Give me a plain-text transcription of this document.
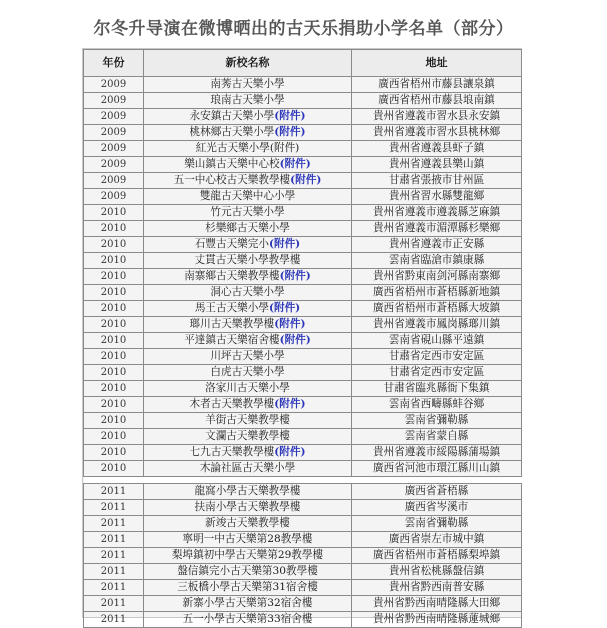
尔冬升导演在微博晒出的古天乐捐助小学名单（部分）
年份	新校名称	地址
2009	南莠古天樂小學	廣西省梧州市藤县讓泉鎮
2009	琅南古天樂小學	廣西省梧州市藤县埌南鎮
2009	永安鎮古天樂小學(附件)	貴州省遵義市習水县永安鎮
2009	桃林鄉古天樂小學(附件)	貴州省遵義市習水县桃林鄉
2009	紅光古天樂小學(附件)	貴州省遵義县虾子鎮
2009	樂山鎮古天樂中心校(附件)	貴州省遵義县樂山鎮
2009	五一中心校古天樂教學樓(附件)	甘肅省張掖市甘州區
2009	雙龍古天樂中心小學	貴州省習水縣雙龍鄉
2010	竹元古天樂小學	貴州省遵義市遵義縣芝麻鎮
2010	杉樂鄉古天樂小學	貴州省遵義市湄潭縣杉樂鄉
2010	石豐古天樂完小(附件)	貴州省遵義市正安縣
2010	丈貫古天樂小學教學樓	雲南省臨滄市鎮康縣
2010	南寨鄉古天樂教學樓(附件)	貴州省黔東南剑河縣南寨鄉
2010	洞心古天樂小學	廣西省梧州市蒼梧縣新地鎮
2010	馬王古天樂小學(附件)	廣西省梧州市蒼梧縣大坡鎮
2010	瑯川古天樂教學樓(附件)	貴州省遵義市鳳岗縣瑯川鎮
2010	平達鎮古天樂宿舍樓(附件)	雲南省硯山縣平遠鎮
2010	川坪古天樂小學	甘肅省定西市安定區
2010	白虎古天樂小學	甘肅省定西市安定區
2010	洛家川古天樂小學	甘肅省臨兆縣衙下集鎮
2010	木者古天樂教學樓(附件)	雲南省西疇縣蚌谷鄉
2010	羊街古天樂教學樓	雲南省彌勒縣
2010	文瀾古天樂教學樓	雲南省蒙自縣
2010	七九古天樂教學樓(附件)	貴州省遵義市綏陽縣蒲場鎮
2010	木論社區古天樂小學	廣西省河池市環江縣川山鎮

2011	龍窩小學古天樂教學樓	廣西省蒼梧縣
2011	扶南小學古天樂教學樓	廣西省岑溪市
2011	新竣古天樂教學樓	雲南省彌勒縣
2011	寧明一中古天樂第28教學樓	廣西省崇左市城中鎮
2011	梨埠鎮初中學古天樂第29教學樓	廣西省梧州市蒼梧縣梨埠鎮
2011	盤信鎮完小古天樂第30教學樓	貴州省松桃縣盤信鎮
2011	三板橋小學古天樂第31宿舍樓	貴州省黔西南普安縣
2011	新寨小學古天樂第32宿舍樓	貴州省黔西南晴隆縣大田鄉
2011	五一小學古天樂第33宿舍樓	貴州省黔西南晴隆縣蓮城鄉
